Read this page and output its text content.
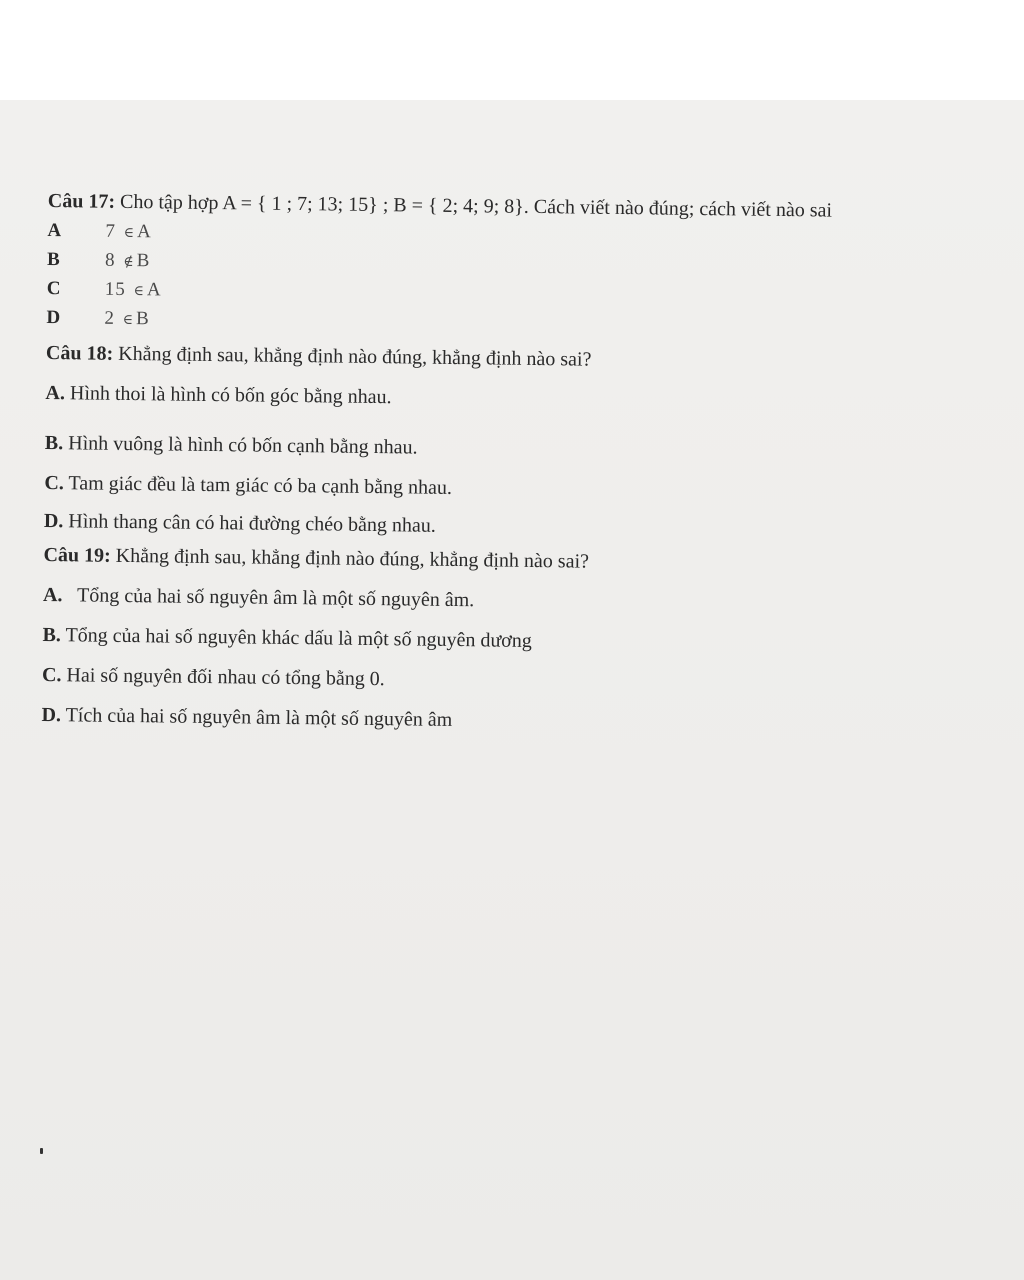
Câu 17: Cho tập hợp A = { 1 ; 7; 13; 15} ; B = { 2; 4; 9; 8}. Cách viết nào đúng; cách viết nào sai

A	7 ∈A
B	8 ∉B
C	15 ∈A
D	2 ∈B

Câu 18: Khẳng định sau, khẳng định nào đúng, khẳng định nào sai?

A. Hình thoi là hình có bốn góc bằng nhau.

B. Hình vuông là hình có bốn cạnh bằng nhau.

C. Tam giác đều là tam giác có ba cạnh bằng nhau.

D. Hình thang cân có hai đường chéo bằng nhau.

Câu 19: Khẳng định sau, khẳng định nào đúng, khẳng định nào sai?

A.   Tổng của hai số nguyên âm là một số nguyên âm.

B. Tổng của hai số nguyên khác dấu là một số nguyên dương

C. Hai số nguyên đối nhau có tổng bằng 0.

D. Tích của hai số nguyên âm là một số nguyên âm
